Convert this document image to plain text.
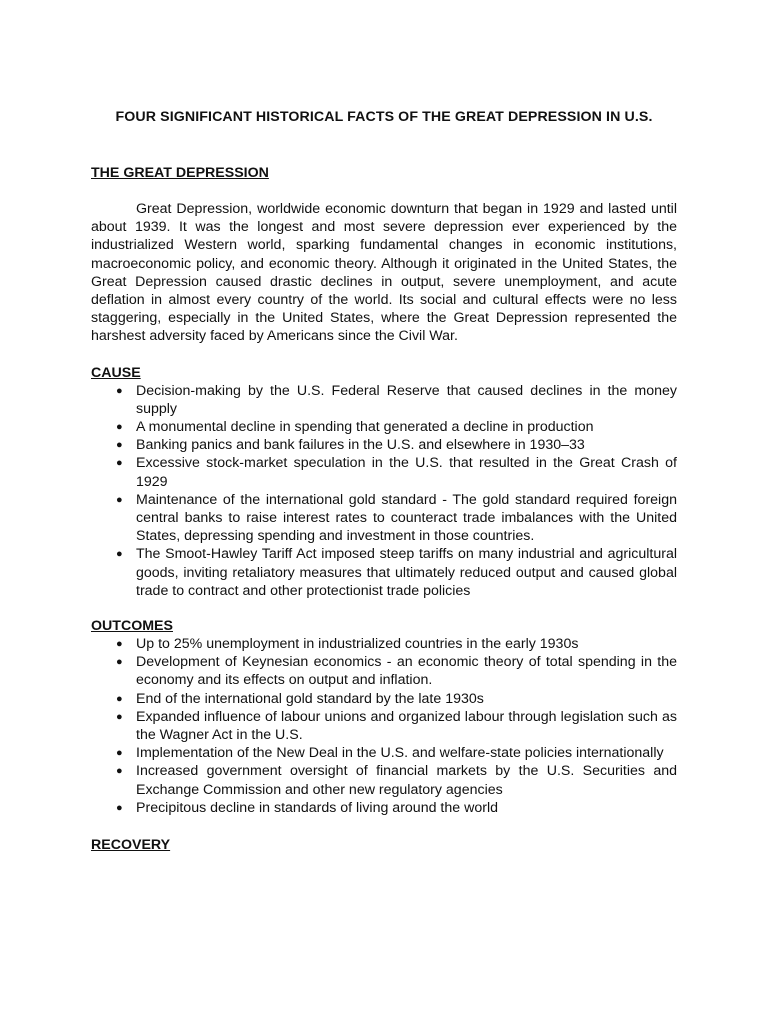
FOUR SIGNIFICANT HISTORICAL FACTS OF THE GREAT DEPRESSION IN U.S.

THE GREAT DEPRESSION

Great Depression, worldwide economic downturn that began in 1929 and lasted until about 1939. It was the longest and most severe depression ever experienced by the industrialized Western world, sparking fundamental changes in economic institutions, macroeconomic policy, and economic theory. Although it originated in the United States, the Great Depression caused drastic declines in output, severe unemployment, and acute deflation in almost every country of the world. Its social and cultural effects were no less staggering, especially in the United States, where the Great Depression represented the harshest adversity faced by Americans since the Civil War.

CAUSE

● Decision-making by the U.S. Federal Reserve that caused declines in the money supply
● A monumental decline in spending that generated a decline in production
● Banking panics and bank failures in the U.S. and elsewhere in 1930–33
● Excessive stock-market speculation in the U.S. that resulted in the Great Crash of 1929
● Maintenance of the international gold standard - The gold standard required foreign central banks to raise interest rates to counteract trade imbalances with the United States, depressing spending and investment in those countries.
● The Smoot-Hawley Tariff Act imposed steep tariffs on many industrial and agricultural goods, inviting retaliatory measures that ultimately reduced output and caused global trade to contract and other protectionist trade policies

OUTCOMES

● Up to 25% unemployment in industrialized countries in the early 1930s
● Development of Keynesian economics - an economic theory of total spending in the economy and its effects on output and inflation.
● End of the international gold standard by the late 1930s
● Expanded influence of labour unions and organized labour through legislation such as the Wagner Act in the U.S.
● Implementation of the New Deal in the U.S. and welfare-state policies internationally
● Increased government oversight of financial markets by the U.S. Securities and Exchange Commission and other new regulatory agencies
● Precipitous decline in standards of living around the world

RECOVERY
